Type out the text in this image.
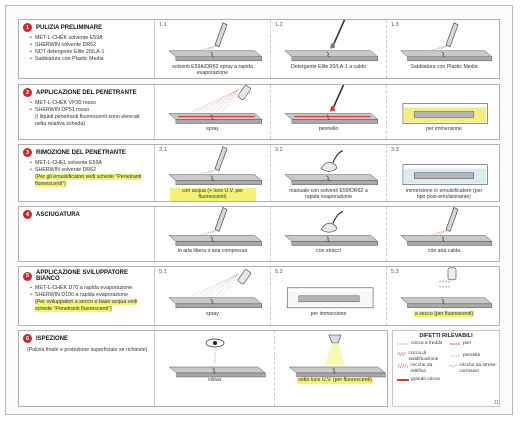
1	PULIZIA PRELIMINARE
• MET-L-CHEK solvente E59A
• SHERWIN solvente DR62
• NDT detergente Elite 20/LA-1
• Sabbiatura con Plastic Media
1.1
solventi E59A/DR62 spray a rapida evaporazione
1.2
Detergente Elite 20/LA-1 a caldo
1.3
Sabbiatura con Plastic Media
2	APPLICAZIONE DEL PENETRANTE
• MET-L-CHEK VP30 rosso
• SHERWIN DP51 rosso
(I liquidi penetranti fluorescenti sono elencati nella relativa scheda)
spray	pennello	per immersione
3	RIMOZIONE DEL PENETRANTE
• MET-L-CHEL solvente E59A
• SHERWIN solvente DR62
(Per gli emulsificatori vedi schede "Penetranti fluorescenti")
3.1
con acqua (+ luce U.V. per fluorescenti)
3.2
manuale con solventi E59/DR62 a rapida evaporazione
3.3
immersione in emulsificatore (per tipo post-emulsionante)
4	ASCIUGATURA
in aria libera o aria compressa	con stracci	con aria calda
5	APPLICAZIONE SVILUPPATORE BIANCO
• MET-L-CHEK D70 a rapida evaporazione
• SHERWIN D100 a rapida evaporazione
(Per sviluppatori a secco e base acqua vedi schede "Penetranti fluorescenti")
5.1
spray
5.2
per immersione
5.3
a secco (per fluorescenti)
6	ISPEZIONE
(Pulizia finale e protezione superficiale se richieste)
visiva	sotto luce U.V. (per fluorescenti)
DIFETTI RILEVABILI
cricca a freddo	pori
cricca di solidificazione
porosità
cricche da rettifica
cricche da stress-corrosion
grande cricca
11
